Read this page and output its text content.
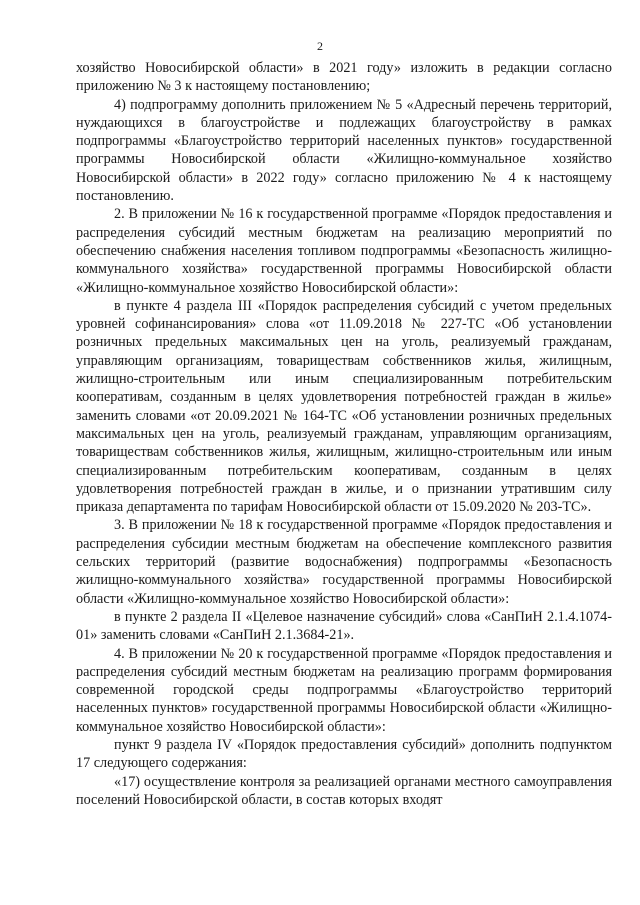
2

хозяйство Новосибирской области» в 2021 году» изложить в редакции согласно приложению № 3 к настоящему постановлению;

4) подпрограмму дополнить приложением № 5 «Адресный перечень территорий, нуждающихся в благоустройстве и подлежащих благоустройству в рамках подпрограммы «Благоустройство территорий населенных пунктов» государственной программы Новосибирской области «Жилищно-коммунальное хозяйство Новосибирской области» в 2022 году» согласно приложению № 4 к настоящему постановлению.

2. В приложении № 16 к государственной программе «Порядок предоставления и распределения субсидий местным бюджетам на реализацию мероприятий по обеспечению снабжения населения топливом подпрограммы «Безопасность жилищно-коммунального хозяйства» государственной программы Новосибирской области «Жилищно-коммунальное хозяйство Новосибирской области»:

в пункте 4 раздела III «Порядок распределения субсидий с учетом предельных уровней софинансирования» слова «от 11.09.2018 № 227-ТС «Об установлении розничных предельных максимальных цен на уголь, реализуемый гражданам, управляющим организациям, товариществам собственников жилья, жилищным, жилищно-строительным или иным специализированным потребительским кооперативам, созданным в целях удовлетворения потребностей граждан в жилье» заменить словами «от 20.09.2021 № 164-ТС «Об установлении розничных предельных максимальных цен на уголь, реализуемый гражданам, управляющим организациям, товариществам собственников жилья, жилищным, жилищно-строительным или иным специализированным потребительским кооперативам, созданным в целях удовлетворения потребностей граждан в жилье, и о признании утратившим силу приказа департамента по тарифам Новосибирской области от 15.09.2020 № 203-ТС».

3. В приложении № 18 к государственной программе «Порядок предоставления и распределения субсидии местным бюджетам на обеспечение комплексного развития сельских территорий (развитие водоснабжения) подпрограммы «Безопасность жилищно-коммунального хозяйства» государственной программы Новосибирской области «Жилищно-коммунальное хозяйство Новосибирской области»:

в пункте 2 раздела II «Целевое назначение субсидий» слова «СанПиН 2.1.4.1074-01» заменить словами «СанПиН 2.1.3684-21».

4. В приложении № 20 к государственной программе «Порядок предоставления и распределения субсидий местным бюджетам на реализацию программ формирования современной городской среды подпрограммы «Благоустройство территорий населенных пунктов» государственной программы Новосибирской области «Жилищно-коммунальное хозяйство Новосибирской области»:

пункт 9 раздела IV «Порядок предоставления субсидий» дополнить подпунктом 17 следующего содержания:

«17) осуществление контроля за реализацией органами местного самоуправления поселений Новосибирской области, в состав которых входят
